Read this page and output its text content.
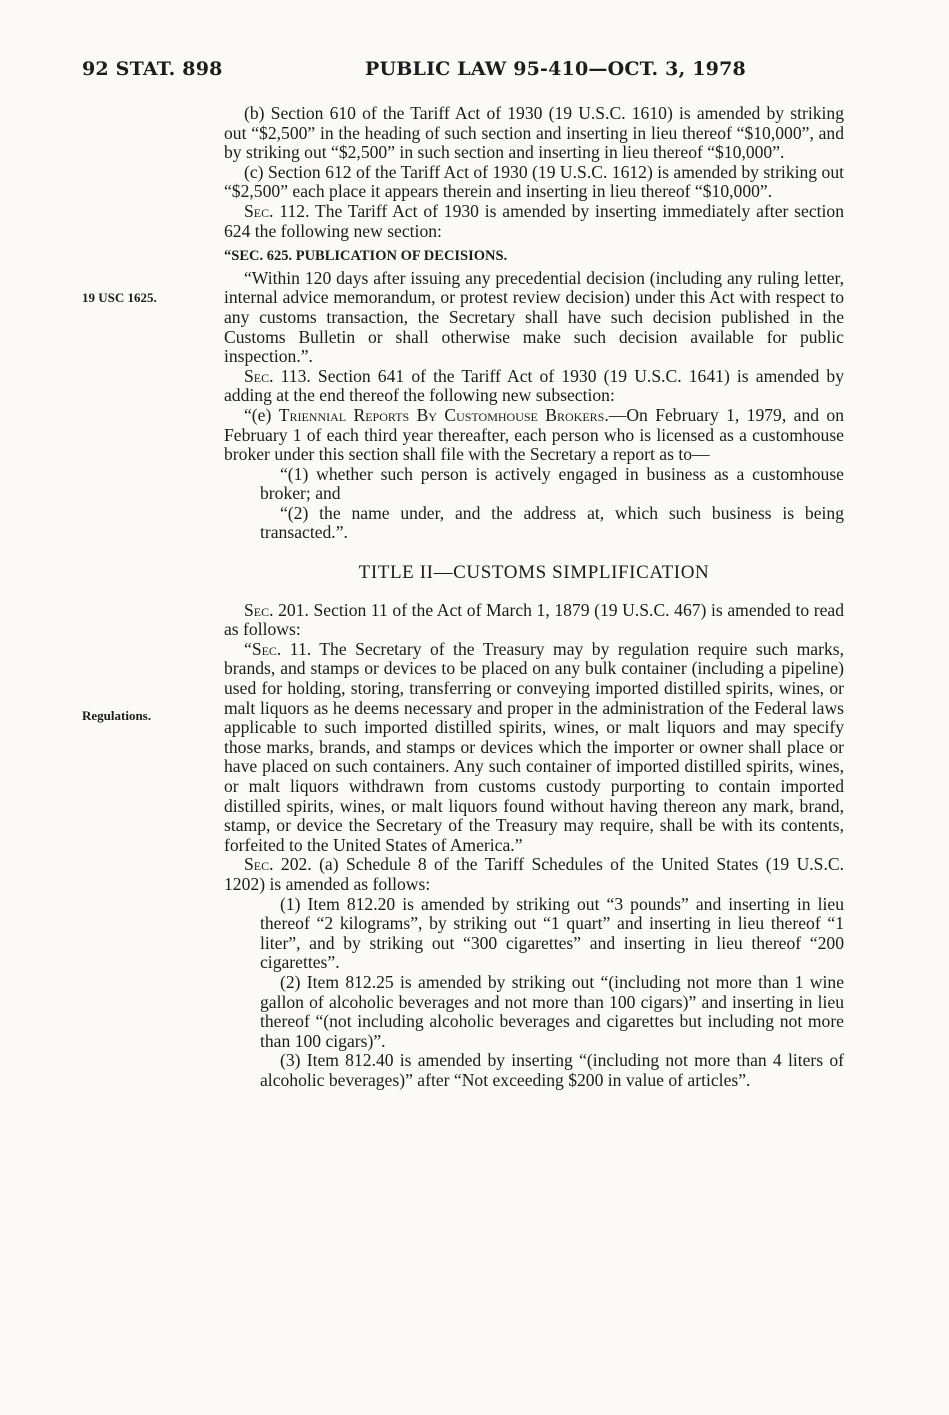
92 STAT. 898	PUBLIC LAW 95-410—OCT. 3, 1978
19 USC 1625.
Regulations.

(b) Section 610 of the Tariff Act of 1930 (19 U.S.C. 1610) is amended by striking out “$2,500” in the heading of such section and inserting in lieu thereof “$10,000”, and by striking out “$2,500” in such section and inserting in lieu thereof “$10,000”.

(c) Section 612 of the Tariff Act of 1930 (19 U.S.C. 1612) is amended by striking out “$2,500” each place it appears therein and inserting in lieu thereof “$10,000”.

Sec. 112. The Tariff Act of 1930 is amended by inserting immediately after section 624 the following new section:

“SEC. 625. PUBLICATION OF DECISIONS.

“Within 120 days after issuing any precedential decision (including any ruling letter, internal advice memorandum, or protest review decision) under this Act with respect to any customs transaction, the Secretary shall have such decision published in the Customs Bulletin or shall otherwise make such decision available for public inspection.”.

Sec. 113. Section 641 of the Tariff Act of 1930 (19 U.S.C. 1641) is amended by adding at the end thereof the following new subsection:

“(e) Triennial Reports By Customhouse Brokers.—On February 1, 1979, and on February 1 of each third year thereafter, each person who is licensed as a customhouse broker under this section shall file with the Secretary a report as to—

“(1) whether such person is actively engaged in business as a customhouse broker; and

“(2) the name under, and the address at, which such business is being transacted.”.

TITLE II—CUSTOMS SIMPLIFICATION

Sec. 201. Section 11 of the Act of March 1, 1879 (19 U.S.C. 467) is amended to read as follows:

“Sec. 11. The Secretary of the Treasury may by regulation require such marks, brands, and stamps or devices to be placed on any bulk container (including a pipeline) used for holding, storing, transferring or conveying imported distilled spirits, wines, or malt liquors as he deems necessary and proper in the administration of the Federal laws applicable to such imported distilled spirits, wines, or malt liquors and may specify those marks, brands, and stamps or devices which the importer or owner shall place or have placed on such containers. Any such container of imported distilled spirits, wines, or malt liquors withdrawn from customs custody purporting to contain imported distilled spirits, wines, or malt liquors found without having thereon any mark, brand, stamp, or device the Secretary of the Treasury may require, shall be with its contents, forfeited to the United States of America.”

Sec. 202. (a) Schedule 8 of the Tariff Schedules of the United States (19 U.S.C. 1202) is amended as follows:

(1) Item 812.20 is amended by striking out “3 pounds” and inserting in lieu thereof “2 kilograms”, by striking out “1 quart” and inserting in lieu thereof “1 liter”, and by striking out “300 cigarettes” and inserting in lieu thereof “200 cigarettes”.

(2) Item 812.25 is amended by striking out “(including not more than 1 wine gallon of alcoholic beverages and not more than 100 cigars)” and inserting in lieu thereof “(not including alcoholic beverages and cigarettes but including not more than 100 cigars)”.

(3) Item 812.40 is amended by inserting “(including not more than 4 liters of alcoholic beverages)” after “Not exceeding $200 in value of articles”.
